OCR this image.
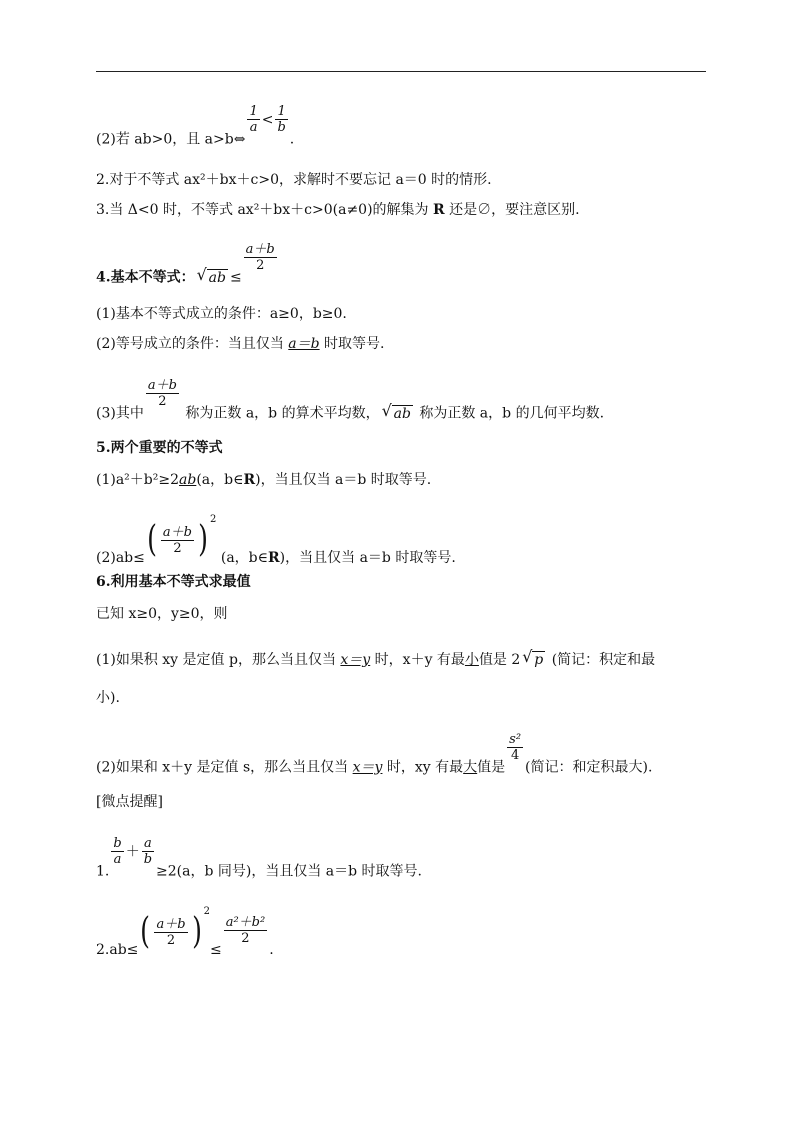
(2)若 ab>0，且 a>b⇔
$\frac{1}{a} < \frac{1}{b}$
.
2.对于不等式 ax²＋bx＋c>0，求解时不要忘记 a＝0 时的情形.
3.当 Δ<0 时，不等式 ax²＋bx＋c>0(a≠0)的解集为 R 还是∅，要注意区别.
4.基本不等式： √ ab ≤
$\frac{a+b}{2}$
(1)基本不等式成立的条件：a≥0，b≥0.
(2)等号成立的条件：当且仅当 a＝b 时取等号.
(3)其中
$\frac{a+b}{2}$
称为正数 a，b 的算术平均数， √ ab 称为正数 a，b 的几何平均数.
5.两个重要的不等式
(1)a²＋b²≥2ab(a，b∈R)，当且仅当 a＝b 时取等号.
$(2)ab\le( \frac{a+b}{2}$ ) $^2$ (a，b∈R)，当且仅当 a＝b 时取等号.
6.利用基本不等式求最值
已知 x≥0，y≥0，则
(1)如果积 xy 是定值 p，那么当且仅当 x＝y 时，x＋y 有最小值是 2 √ p (简记：积定和最
小).
(2)如果和 x＋y 是定值 s，那么当且仅当 x＝y 时，xy 有最大值是
$\frac{\text{s²}}{4}$
(简记：和定积最大).
[微点提醒]
1.
$\frac{b}{a} + \frac{a}{b}$
≥2(a，b 同号)，当且仅当 a＝b 时取等号.
$2.ab\le( \frac{a+b}{2}$ ) $^2$≤
$\frac{\text{a²＋b²}}{2}$
.
